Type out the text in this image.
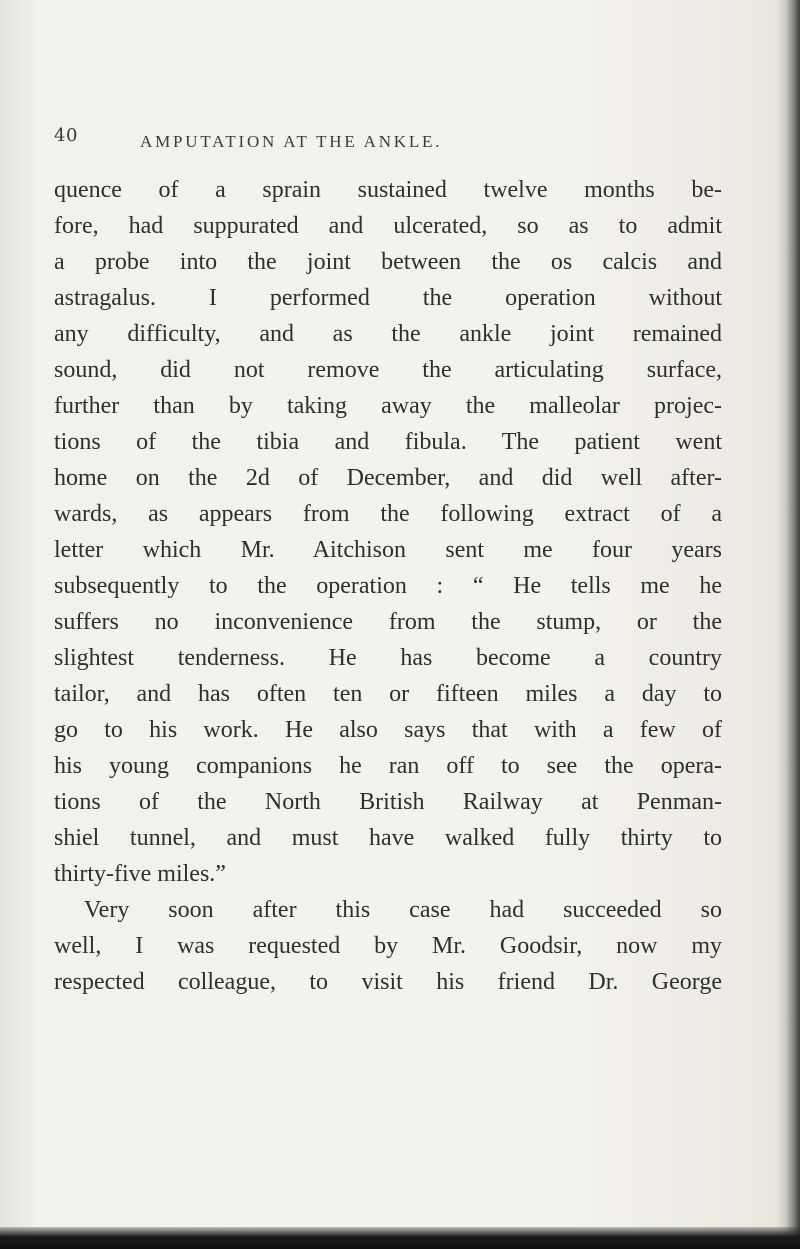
40	AMPUTATION AT THE ANKLE.

quence of a sprain sustained twelve months be-

fore, had suppurated and ulcerated, so as to admit

a probe into the joint between the os calcis and

astragalus. I performed the operation without

any difficulty, and as the ankle joint remained

sound, did not remove the articulating surface,

further than by taking away the malleolar projec-

tions of the tibia and fibula. The patient went

home on the 2d of December, and did well after-

wards, as appears from the following extract of a

letter which Mr. Aitchison sent me four years

subsequently to the operation : “ He tells me he

suffers no inconvenience from the stump, or the

slightest tenderness. He has become a country

tailor, and has often ten or fifteen miles a day to

go to his work. He also says that with a few of

his young companions he ran off to see the opera-

tions of the North British Railway at Penman-

shiel tunnel, and must have walked fully thirty to

thirty-five miles.”

Very soon after this case had succeeded so

well, I was requested by Mr. Goodsir, now my

respected colleague, to visit his friend Dr. George
